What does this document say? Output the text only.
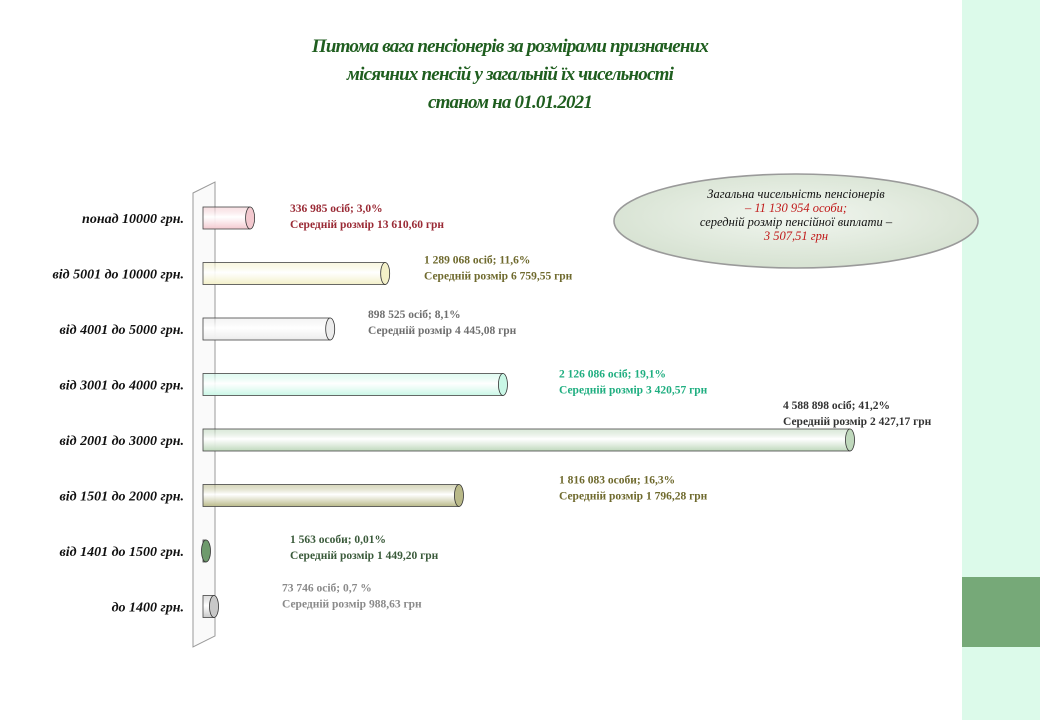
Питома вага пенсіонерів за розмірами призначених
місячних пенсій у загальній їх чисельності
станом на 01.01.2021
понад 10000 грн.
336 985 осіб; 3,0%
Середній розмір 13 610,60 грн
від 5001 до 10000 грн.
1 289 068 осіб; 11,6%
Середній розмір 6 759,55 грн
від 4001 до 5000 грн.
898 525 осіб; 8,1%
Середній розмір 4 445,08 грн
від 3001 до 4000 грн.
2 126 086 осіб; 19,1%
Середній розмір 3 420,57 грн
від 2001 до 3000 грн.
4 588 898 осіб; 41,2%
Середній розмір 2 427,17 грн
від 1501 до 2000 грн.
1 816 083 особи; 16,3%
Середній розмір 1 796,28 грн
від 1401 до 1500 грн.
1 563 особи; 0,01%
Середній розмір 1 449,20 грн
до 1400 грн.
73 746 осіб; 0,7 %
Середній розмір 988,63 грн
Загальна чисельність пенсіонерів
– 11 130 954 особи;
середній розмір пенсійної виплати –
3 507,51 грн
